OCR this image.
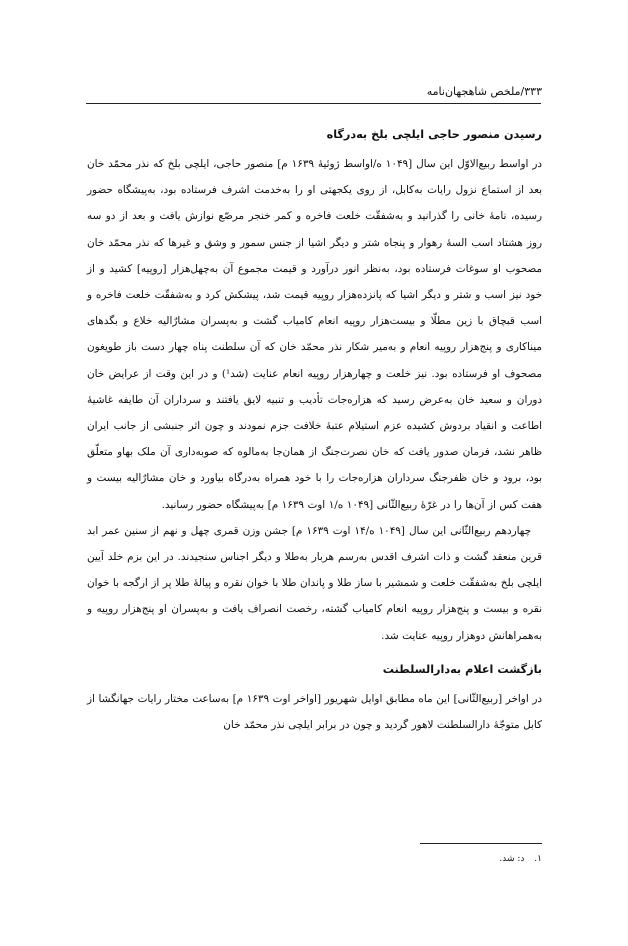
۳۳۳/ملخص شاهجهان‌نامه
رسیدن منصور حاجی ایلچی بلخ به‌درگاه

در اواسط ربیع‌الاوّل این سال [۱۰۴۹ ه/اواسط ژوئیهٔ ۱۶۳۹ م] منصور حاجی، ایلچی بلخ که نذر محمّد خان بعد از استماع نزول رایات به‌کابل، از روی یکجهتی او را به‌خدمت اشرف فرستاده بود، به‌پیشگاه حضور رسیده، نامهٔ خانی را گذرانید و به‌شفقّت خلعت فاخره و کمر خنجر مرصّع نوازش یافت و بعد از دو سه روز هشتاد اسب السهٔ رهوار و پنجاه شتر و دیگر اشیا از جنس سمور و وشق و غیرها که نذر محمّد خان مصحوب او سوغات فرستاده بود، به‌نظر انور درآورد و قیمت مجموع آن به‌چهل‌هزار [روپیه] کشید و از خود نیز اسب و شتر و دیگر اشیا که پانزده‌هزار روپیه قیمت شد، پیشکش کرد و به‌شفقّت خلعت فاخره و اسب قبچاق با زین مطلّا و بیست‌هزار روپیه انعام کامیاب گشت و به‌پسران مشارٌالیه خلاع و بگدهای میناکاری و پنج‌هزار روپیه انعام و به‌میر شکار نذر محمّد خان که آن سلطنت پناه چهار دست باز طویغون مصحوف او فرستاده بود. نیز خلعت و چهارهزار روپیه انعام عنایت (شد¹) و در این وقت از عرایض خان دوران و سعید خان به‌عرض رسید که هزاره‌جات تأدیب و تنبیه لایق یافتند و سرداران آن طایفه غاشیهٔ اطاعت و انقیاد بردوش کشیده عزم استیلام عتبهٔ خلافت جزم نمودند و چون اثر جنبشی از جانب ایران ظاهر نشد، فرمان صدور یافت که خان نصرت‌جنگ از همان‌جا به‌مالوه که صوبه‌داری آن ملک بهاو متعلّق بود، برود و خان ظفرجنگ سرداران هزاره‌جات را با خود همراه به‌درگاه بیاورد و خان مشارٌالیه بیست و هفت کس از آن‌ها را در غرّهٔ ربیع‌الثّانی [۱۰۴۹ ه/۱ اوت ۱۶۳۹ م] به‌پیشگاه حضور رسانید.

چهاردهم ربیع‌الثّانی این سال [۱۰۴۹ ه/۱۴ اوت ۱۶۳۹ م] جشن وزن قمری چهل و نهم از سنین عمر ابد قرین منعقد گشت و ذات اشرف اقدس به‌رسم هربار به‌طلا و دیگر اجناس سنجیدند. در این بزم خلد آیین ایلچی بلخ به‌شفقّت خلعت و شمشیر با ساز طلا و پاندان طلا با خوان نقره و پیالهٔ طلا پر از ارگجه با خوان نقره و بیست و پنج‌هزار روپیه انعام کامیاب گشته، رخصت انصراف یافت و به‌پسران او پنج‌هزار روپیه و به‌همراهانش دوهزار روپیه عنایت شد.

بازگشت اعلام به‌دارالسلطنت

در اواخر [ربیع‌الثّانی] این ماه مطابق اوایل شهریور [اواخر اوت ۱۶۳۹ م] به‌ساعت مختار رایات جهانگشا از کابل متوجّهٔ دارالسلطنت لاهور گردید و چون در برابر ایلچی نذر محمّد خان

۱. د: شد.
